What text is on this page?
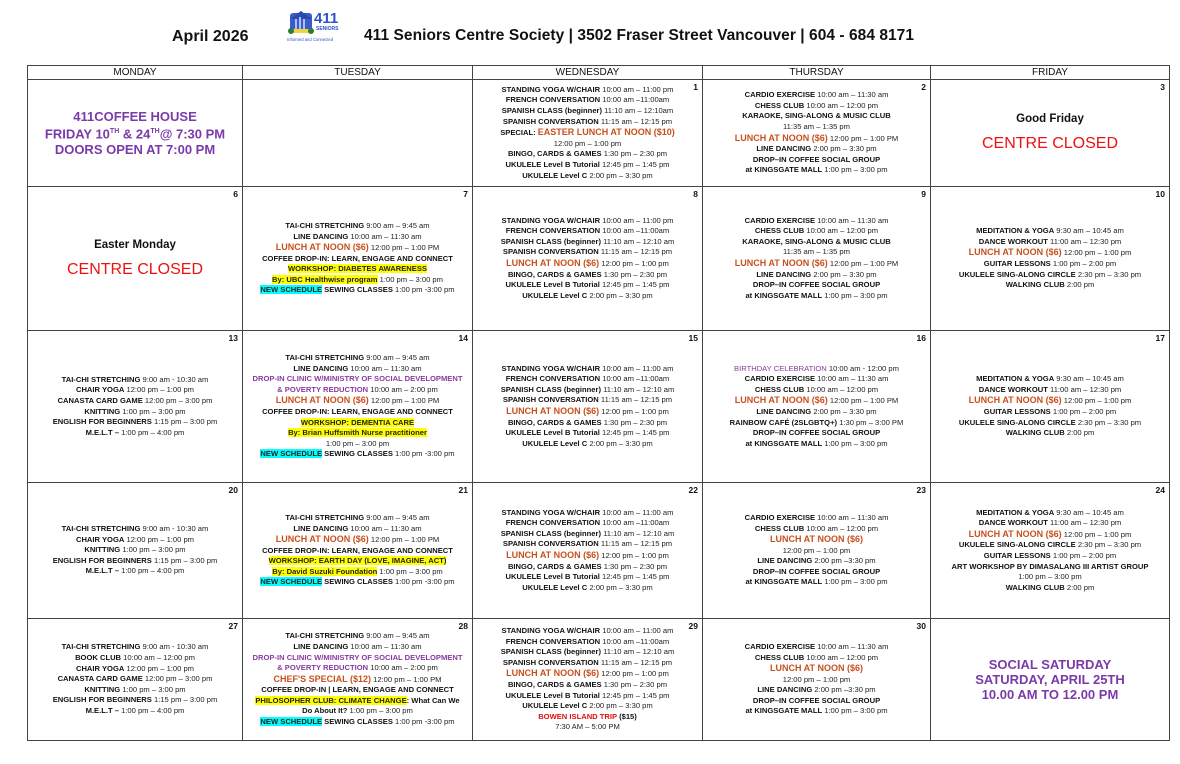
April 2026
411
SENIORS
Informed and Connected 411 Seniors Centre Society | 3502 Fraser Street Vancouver | 604 - 684 8171
MONDAY	TUESDAY	WEDNESDAY	THURSDAY	FRIDAY

411COFFEE HOUSE
FRIDAY 10TH & 24TH@ 7:30 PM
DOORS OPEN AT 7:00 PM

1
STANDING YOGA W/CHAIR 10:00 am – 11:00 pm
FRENCH CONVERSATION 10:00 am –11:00am
SPANISH CLASS (beginner) 11:10 am – 12:10am
SPANISH CONVERSATION 11:15 am – 12:15 pm
SPECIAL: EASTER LUNCH AT NOON ($10)
12:00 pm – 1:00 pm
BINGO, CARDS & GAMES 1:30 pm – 2:30 pm
UKULELE Level B Tutorial 12:45 pm – 1:45 pm
UKULELE Level C 2:00 pm – 3:30 pm

2
CARDIO EXERCISE 10:00 am – 11:30 am
CHESS CLUB 10:00 am – 12:00 pm
KARAOKE, SING-ALONG & MUSIC CLUB
11:35 am – 1:35 pm
LUNCH AT NOON ($6) 12:00 pm – 1:00 PM
LINE DANCING 2:00 pm – 3:30 pm
DROP–IN COFFEE SOCIAL GROUP
at KINGSGATE MALL 1:00 pm – 3:00 pm

3
Good Friday
CENTRE CLOSED

6
Easter Monday
CENTRE CLOSED

7
TAI-CHI STRETCHING 9:00 am – 9:45 am
LINE DANCING 10:00 am – 11:30 am
LUNCH AT NOON ($6) 12:00 pm – 1:00 PM
COFFEE DROP-IN: LEARN, ENGAGE AND CONNECT
WORKSHOP: DIABETES AWARENESS
By: UBC Healthwise program 1:00 pm – 3:00 pm
NEW SCHEDULE SEWING CLASSES 1:00 pm -3:00 pm

8
STANDING YOGA W/CHAIR 10:00 am – 11:00 pm
FRENCH CONVERSATION 10:00 am –11:00am
SPANISH CLASS (beginner) 11:10 am – 12:10 am
SPANISH CONVERSATION 11:15 am – 12:15 pm
LUNCH AT NOON ($6) 12:00 pm – 1:00 pm
BINGO, CARDS & GAMES 1:30 pm – 2:30 pm
UKULELE Level B Tutorial 12:45 pm – 1:45 pm
UKULELE Level C 2:00 pm – 3:30 pm

9
CARDIO EXERCISE 10:00 am – 11:30 am
CHESS CLUB 10:00 am – 12:00 pm
KARAOKE, SING-ALONG & MUSIC CLUB
11:35 am – 1:35 pm
LUNCH AT NOON ($6) 12:00 pm – 1:00 PM
LINE DANCING 2:00 pm – 3:30 pm
DROP–IN COFFEE SOCIAL GROUP
at KINGSGATE MALL 1:00 pm – 3:00 pm

10
MEDITATION & YOGA 9:30 am – 10:45 am
DANCE WORKOUT 11:00 am – 12:30 pm
LUNCH AT NOON ($6) 12:00 pm – 1:00 pm
GUITAR LESSONS 1:00 pm – 2:00 pm
UKULELE SING-ALONG CIRCLE 2:30 pm – 3:30 pm
WALKING CLUB 2:00 pm

13
TAI-CHI STRETCHING 9:00 am - 10:30 am
CHAIR YOGA 12:00 pm – 1:00 pm
CANASTA CARD GAME 12:00 pm – 3:00 pm
KNITTING 1:00 pm – 3:00 pm
ENGLISH FOR BEGINNERS 1:15 pm – 3:00 pm
M.E.L.T – 1:00 pm – 4:00 pm

14
TAI-CHI STRETCHING 9:00 am – 9:45 am
LINE DANCING 10:00 am – 11:30 am
DROP-IN CLINIC W/MINISTRY OF SOCIAL DEVELOPMENT
& POVERTY REDUCTION 10:00 am – 2:00 pm
LUNCH AT NOON ($6) 12:00 pm – 1:00 PM
COFFEE DROP-IN: LEARN, ENGAGE AND CONNECT
WORKSHOP: DEMENTIA CARE
By: Brian Huffsmith Nurse practitioner
1:00 pm – 3:00 pm
NEW SCHEDULE SEWING CLASSES 1:00 pm -3:00 pm

15
STANDING YOGA W/CHAIR 10:00 am – 11:00 am
FRENCH CONVERSATION 10:00 am –11:00am
SPANISH CLASS (beginner) 11:10 am – 12:10 am
SPANISH CONVERSATION 11:15 am – 12:15 pm
LUNCH AT NOON ($6) 12:00 pm – 1:00 pm
BINGO, CARDS & GAMES 1:30 pm – 2:30 pm
UKULELE Level B Tutorial 12:45 pm – 1:45 pm
UKULELE Level C 2:00 pm – 3:30 pm

16
BIRTHDAY CELEBRATION 10:00 am - 12:00 pm
CARDIO EXERCISE 10:00 am – 11:30 am
CHESS CLUB 10:00 am – 12:00 pm
LUNCH AT NOON ($6) 12:00 pm – 1:00 PM
LINE DANCING 2:00 pm – 3:30 pm
RAINBOW CAFÉ (2SLGBTQ+) 1:30 pm – 3:00 PM
DROP–IN COFFEE SOCIAL GROUP
at KINGSGATE MALL 1:00 pm – 3:00 pm

17
MEDITATION & YOGA 9:30 am – 10:45 am
DANCE WORKOUT 11:00 am – 12:30 pm
LUNCH AT NOON ($6) 12:00 pm – 1:00 pm
GUITAR LESSONS 1:00 pm – 2:00 pm
UKULELE SING-ALONG CIRCLE 2:30 pm – 3:30 pm
WALKING CLUB 2:00 pm

20
TAI-CHI STRETCHING 9:00 am - 10:30 am
CHAIR YOGA 12:00 pm – 1:00 pm
KNITTING 1:00 pm – 3:00 pm
ENGLISH FOR BEGINNERS 1:15 pm – 3:00 pm
M.E.L.T – 1:00 pm – 4:00 pm

21
TAI-CHI STRETCHING 9:00 am – 9:45 am
LINE DANCING 10:00 am – 11:30 am
LUNCH AT NOON ($6) 12:00 pm – 1:00 PM
COFFEE DROP-IN: LEARN, ENGAGE AND CONNECT
WORKSHOP: EARTH DAY (LOVE, IMAGINE, ACT)
By: David Suzuki Foundation 1:00 pm – 3:00 pm
NEW SCHEDULE SEWING CLASSES 1:00 pm -3:00 pm

22
STANDING YOGA W/CHAIR 10:00 am – 11:00 am
FRENCH CONVERSATION 10:00 am –11:00am
SPANISH CLASS (beginner) 11:10 am – 12:10 am
SPANISH CONVERSATION 11:15 am – 12:15 pm
LUNCH AT NOON ($6) 12:00 pm – 1:00 pm
BINGO, CARDS & GAMES 1:30 pm – 2:30 pm
UKULELE Level B Tutorial 12:45 pm – 1:45 pm
UKULELE Level C 2:00 pm – 3:30 pm

23
CARDIO EXERCISE 10:00 am – 11:30 am
CHESS CLUB 10:00 am – 12:00 pm
LUNCH AT NOON ($6)
12:00 pm – 1:00 pm
LINE DANCING 2:00 pm –3:30 pm
DROP–IN COFFEE SOCIAL GROUP
at KINGSGATE MALL 1:00 pm – 3:00 pm

24
MEDITATION & YOGA 9:30 am – 10:45 am
DANCE WORKOUT 11:00 am – 12:30 pm
LUNCH AT NOON ($6) 12:00 pm – 1:00 pm
UKULELE SING-ALONG CIRCLE 2:30 pm – 3:30 pm
GUITAR LESSONS 1:00 pm – 2:00 pm
ART WORKSHOP BY DIMASALANG III ARTIST GROUP
1:00 pm – 3:00 pm
WALKING CLUB 2:00 pm

27
TAI-CHI STRETCHING 9:00 am - 10:30 am
BOOK CLUB 10:00 am – 12:00 pm
CHAIR YOGA 12:00 pm – 1:00 pm
CANASTA CARD GAME 12:00 pm – 3:00 pm
KNITTING 1:00 pm – 3:00 pm
ENGLISH FOR BEGINNERS 1:15 pm – 3:00 pm
M.E.L.T – 1:00 pm – 4:00 pm

28
TAI-CHI STRETCHING 9:00 am – 9:45 am
LINE DANCING 10:00 am – 11:30 am
DROP-IN CLINIC W/MINISTRY OF SOCIAL DEVELOPMENT
& POVERTY REDUCTION 10:00 am – 2:00 pm
CHEF'S SPECIAL ($12) 12:00 pm – 1:00 PM
COFFEE DROP-IN | LEARN, ENGAGE AND CONNECT
PHILOSOPHER CLUB: CLIMATE CHANGE: What Can We
Do About It? 1:00 pm – 3:00 pm
NEW SCHEDULE SEWING CLASSES 1:00 pm -3:00 pm

29
STANDING YOGA W/CHAIR 10:00 am – 11:00 am
FRENCH CONVERSATION 10:00 am –11:00am
SPANISH CLASS (beginner) 11:10 am – 12:10 am
SPANISH CONVERSATION 11:15 am – 12:15 pm
LUNCH AT NOON ($6) 12:00 pm – 1:00 pm
BINGO, CARDS & GAMES 1:30 pm – 2:30 pm
UKULELE Level B Tutorial 12:45 pm – 1:45 pm
UKULELE Level C 2:00 pm – 3:30 pm
BOWEN ISLAND TRIP ($15)
7:30 AM – 5:00 PM

30
CARDIO EXERCISE 10:00 am – 11:30 am
CHESS CLUB 10:00 am – 12:00 pm
LUNCH AT NOON ($6)
12:00 pm – 1:00 pm
LINE DANCING 2:00 pm –3:30 pm
DROP–IN COFFEE SOCIAL GROUP
at KINGSGATE MALL 1:00 pm – 3:00 pm

SOCIAL SATURDAY
SATURDAY, APRIL 25TH
10.00 AM TO 12.00 PM
